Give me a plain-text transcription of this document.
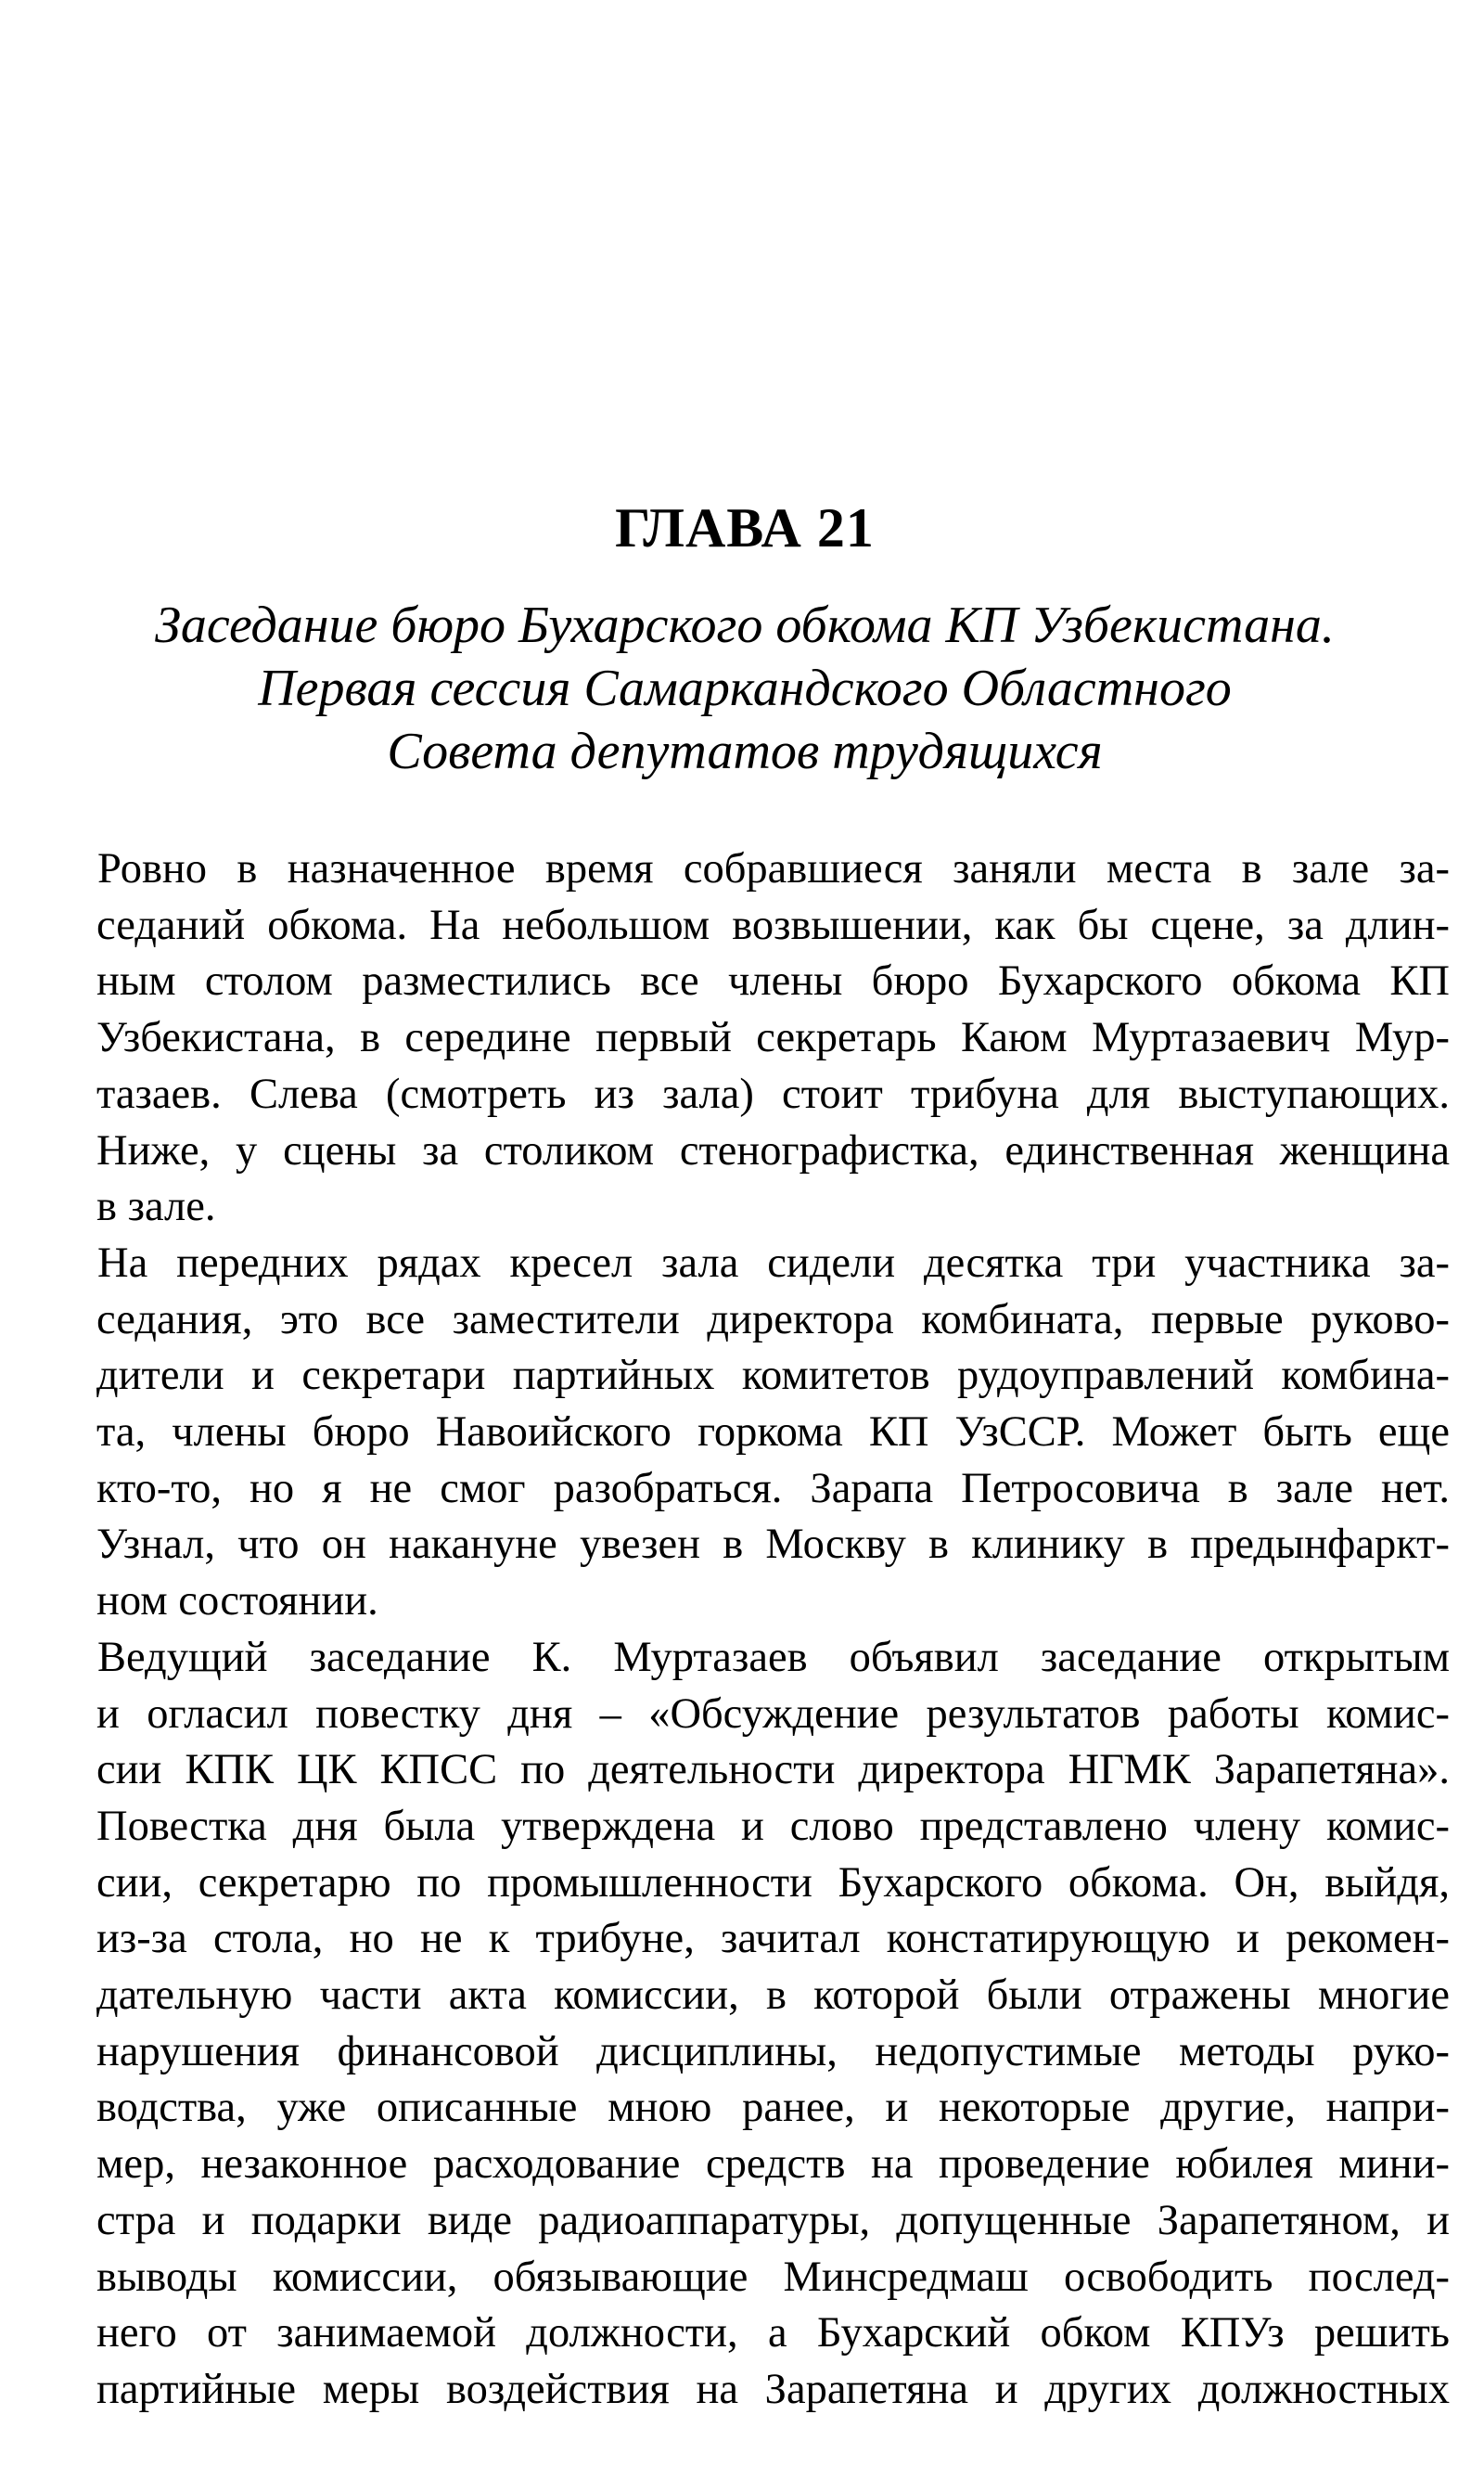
ГЛАВА 21
Заседание бюро Бухарского обкома КП Узбекистана.
Первая сессия Самаркандского Областного
Совета депутатов трудящихся

Ровно в назначенное время собравшиеся заняли места в зале за-
седаний обкома. На небольшом возвышении, как бы сцене, за длин-
ным столом разместились все члены бюро Бухарского обкома КП
Узбекистана, в середине первый секретарь Каюм Муртазаевич Мур-
тазаев. Слева (смотреть из зала) стоит трибуна для выступающих.
Ниже, у сцены за столиком стенографистка, единственная женщина
в зале.

На передних рядах кресел зала сидели десятка три участника за-
седания, это все заместители директора комбината, первые руково-
дители и секретари партийных комитетов рудоуправлений комбина-
та, члены бюро Навоийского горкома КП УзССР. Может быть еще
кто-то, но я не смог разобраться. Зарапа Петросовича в зале нет.
Узнал, что он накануне увезен в Москву в клинику в предынфаркт-
ном состоянии.

Ведущий заседание К. Муртазаев объявил заседание открытым
и огласил повестку дня – «Обсуждение результатов работы комис-
сии КПК ЦК КПСС по деятельности директора НГМК Зарапетяна».
Повестка дня была утверждена и слово представлено члену комис-
сии, секретарю по промышленности Бухарского обкома. Он, выйдя,
из-за стола, но не к трибуне, зачитал констатирующую и рекомен-
дательную части акта комиссии, в которой были отражены многие
нарушения финансовой дисциплины, недопустимые методы руко-
водства, уже описанные мною ранее, и некоторые другие, напри-
мер, незаконное расходование средств на проведение юбилея мини-
стра и подарки виде радиоаппаратуры, допущенные Зарапетяном, и
выводы комиссии, обязывающие Минсредмаш освободить послед-
него от занимаемой должности, а Бухарский обком КПУз решить
партийные меры воздействия на Зарапетяна и других должностных
